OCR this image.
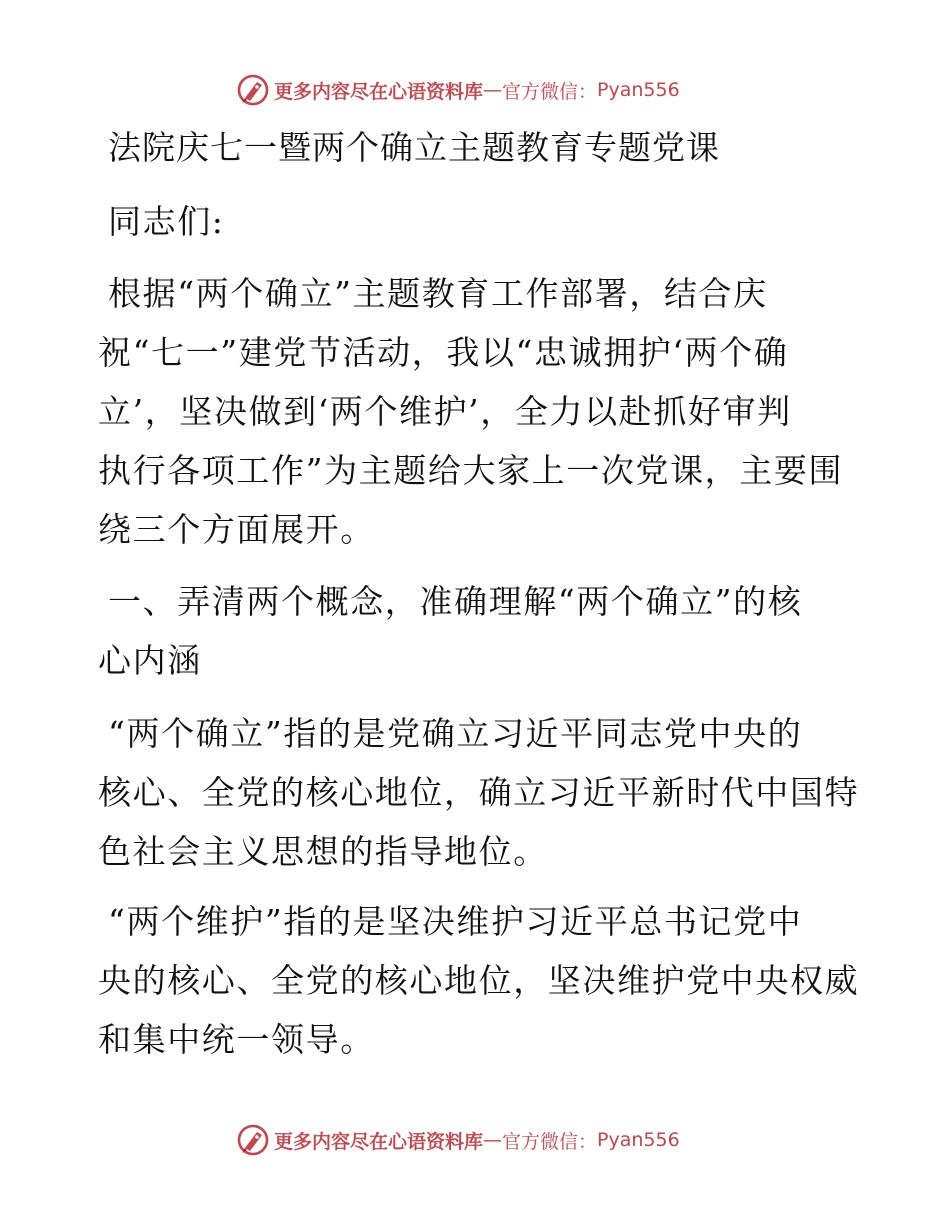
更多内容尽在心语资料库 — 官方微信： Pyan556
法院庆七一暨两个确立主题教育专题党课

同志们:

根据“两个确立”主题教育工作部署，结合庆
祝“七一”建党节活动，我以“忠诚拥护‘两个确
立’，坚决做到‘两个维护’，全力以赴抓好审判
执行各项工作”为主题给大家上一次党课，主要围
绕三个方面展开。

一、弄清两个概念，准确理解“两个确立”的核
心内涵

“两个确立”指的是党确立习近平同志党中央的
核心、全党的核心地位，确立习近平新时代中国特
色社会主义思想的指导地位。

“两个维护”指的是坚决维护习近平总书记党中
央的核心、全党的核心地位，坚决维护党中央权威
和集中统一领导。

更多内容尽在心语资料库 — 官方微信： Pyan556
